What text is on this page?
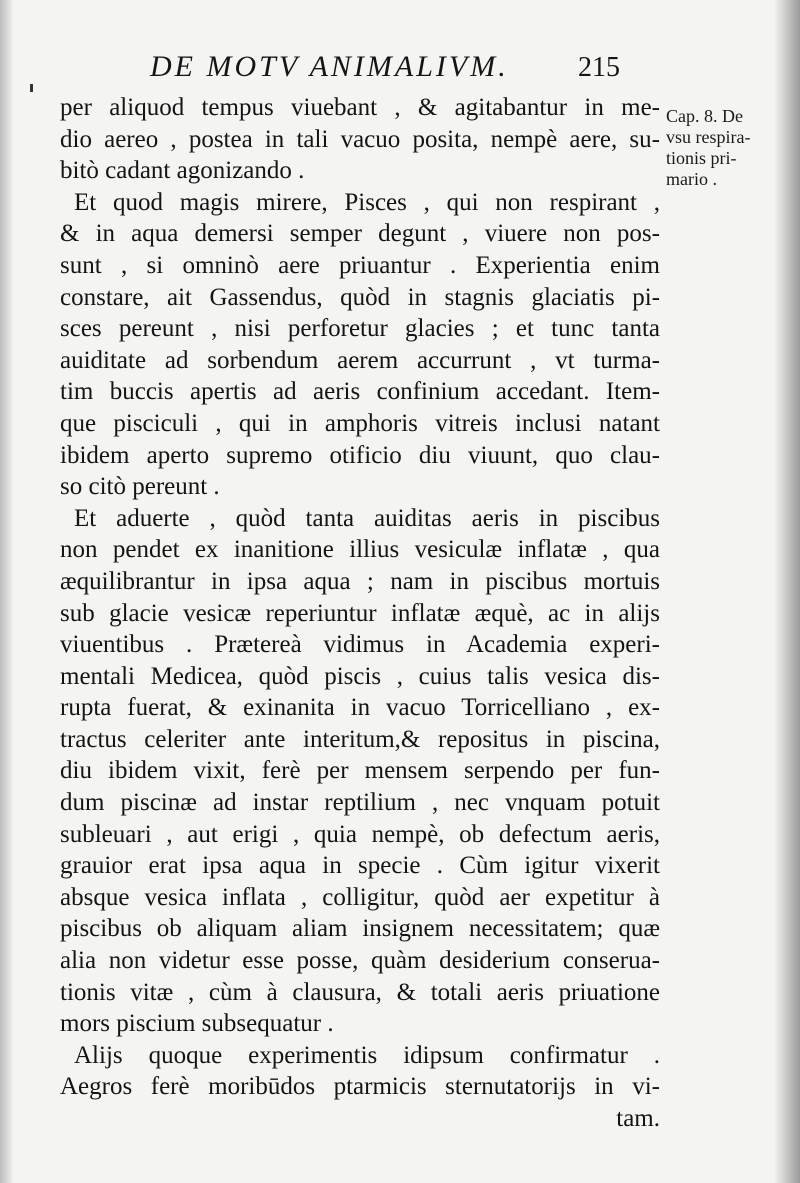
DE MOTV ANIMALIVM. 215
Cap. 8. De
vsu respira-
tionis pri-
mario .
per aliquod tempus viuebant , & agitabantur in me-
dio aereo , postea in tali vacuo posita, nempè aere, su-
bitò cadant agonizando .
Et quod magis mirere, Pisces , qui non respirant ,
& in aqua demersi semper degunt , viuere non pos-
sunt , si omninò aere priuantur . Experientia enim
constare, ait Gassendus, quòd in stagnis glaciatis pi-
sces pereunt , nisi perforetur glacies ; et tunc tanta
auiditate ad sorbendum aerem accurrunt , vt turma-
tim buccis apertis ad aeris confinium accedant. Item-
que pisciculi , qui in amphoris vitreis inclusi natant
ibidem aperto supremo otificio diu viuunt, quo clau-
so citò pereunt .
Et aduerte , quòd tanta auiditas aeris in piscibus
non pendet ex inanitione illius vesiculæ inflatæ , qua
æquilibrantur in ipsa aqua ; nam in piscibus mortuis
sub glacie vesicæ reperiuntur inflatæ æquè, ac in alijs
viuentibus . Prætereà vidimus in Academia experi-
mentali Medicea, quòd piscis , cuius talis vesica dis-
rupta fuerat, & exinanita in vacuo Torricelliano , ex-
tractus celeriter ante interitum,& repositus in piscina,
diu ibidem vixit, ferè per mensem serpendo per fun-
dum piscinæ ad instar reptilium , nec vnquam potuit
subleuari , aut erigi , quia nempè, ob defectum aeris,
grauior erat ipsa aqua in specie . Cùm igitur vixerit
absque vesica inflata , colligitur, quòd aer expetitur à
piscibus ob aliquam aliam insignem necessitatem; quæ
alia non videtur esse posse, quàm desiderium conserua-
tionis vitæ , cùm à clausura, & totali aeris priuatione
mors piscium subsequatur .
Alijs quoque experimentis idipsum confirmatur .
Aegros ferè moribūdos ptarmicis sternutatorijs in vi-
tam.
